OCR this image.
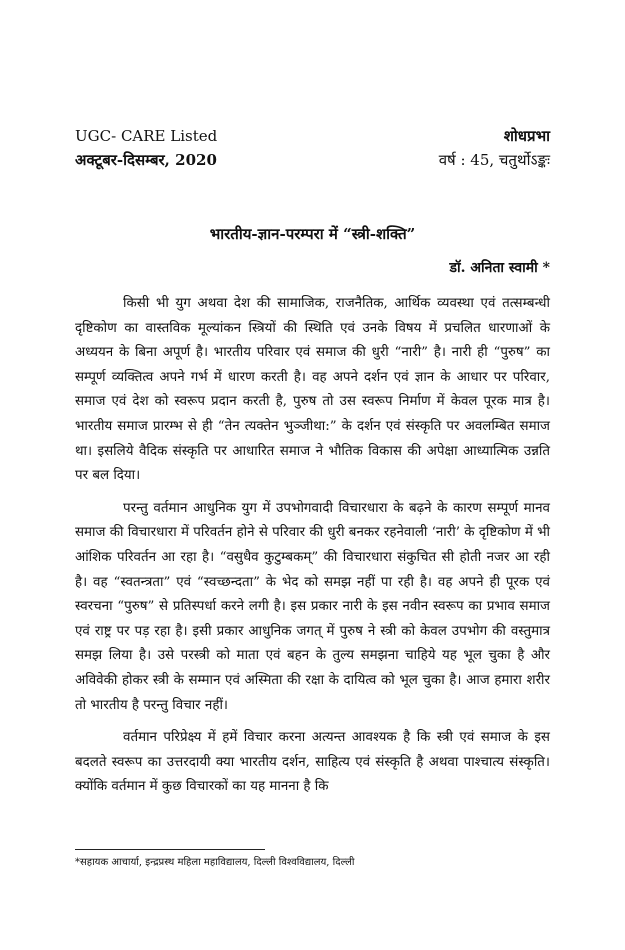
UGC- CARE Listed	शोधप्रभा
अक्टूबर-दिसम्बर, 2020	वर्ष : 45, चतुर्थोऽङ्कः
भारतीय-ज्ञान-परम्परा में “स्त्री-शक्ति”
डॉ. अनिता स्वामी *

किसी भी युग अथवा देश की सामाजिक, राजनैतिक, आर्थिक व्यवस्था एवं तत्सम्बन्धी दृष्टिकोण का वास्तविक मूल्यांकन स्त्रियों की स्थिति एवं उनके विषय में प्रचलित धारणाओं के अध्ययन के बिना अपूर्ण है। भारतीय परिवार एवं समाज की धुरी “नारी” है। नारी ही “पुरुष” का सम्पूर्ण व्यक्तित्व अपने गर्भ में धारण करती है। वह अपने दर्शन एवं ज्ञान के आधार पर परिवार, समाज एवं देश को स्वरूप प्रदान करती है, पुरुष तो उस स्वरूप निर्माण में केवल पूरक मात्र है। भारतीय समाज प्रारम्भ से ही “तेन त्यक्तेन भुञ्जीथा:” के दर्शन एवं संस्कृति पर अवलम्बित समाज था। इसलिये वैदिक संस्कृति पर आधारित समाज ने भौतिक विकास की अपेक्षा आध्यात्मिक उन्नति पर बल दिया।

परन्तु वर्तमान आधुनिक युग में उपभोगवादी विचारधारा के बढ़ने के कारण सम्पूर्ण मानव समाज की विचारधारा में परिवर्तन होने से परिवार की धुरी बनकर रहनेवाली ‘नारी’ के दृष्टिकोण में भी आंशिक परिवर्तन आ रहा है। “वसुधैव कुटुम्बकम्” की विचारधारा संकुचित सी होती नजर आ रही है। वह “स्वतन्त्रता” एवं “स्वच्छन्दता” के भेद को समझ नहीं पा रही है। वह अपने ही पूरक एवं स्वरचना “पुरुष” से प्रतिस्पर्धा करने लगी है। इस प्रकार नारी के इस नवीन स्वरूप का प्रभाव समाज एवं राष्ट्र पर पड़ रहा है। इसी प्रकार आधुनिक जगत् में पुरुष ने स्त्री को केवल उपभोग की वस्तुमात्र समझ लिया है। उसे परस्त्री को माता एवं बहन के तुल्य समझना चाहिये यह भूल चुका है और अविवेकी होकर स्त्री के सम्मान एवं अस्मिता की रक्षा के दायित्व को भूल चुका है। आज हमारा शरीर तो भारतीय है परन्तु विचार नहीं।

वर्तमान परिप्रेक्ष्य में हमें विचार करना अत्यन्त आवश्यक है कि स्त्री एवं समाज के इस बदलते स्वरूप का उत्तरदायी क्या भारतीय दर्शन, साहित्य एवं संस्कृति है अथवा पाश्चात्य संस्कृति। क्योंकि वर्तमान में कुछ विचारकों का यह मानना है कि

*सहायक आचार्या, इन्द्रप्रस्थ महिला महाविद्यालय, दिल्ली विश्वविद्यालय, दिल्ली
